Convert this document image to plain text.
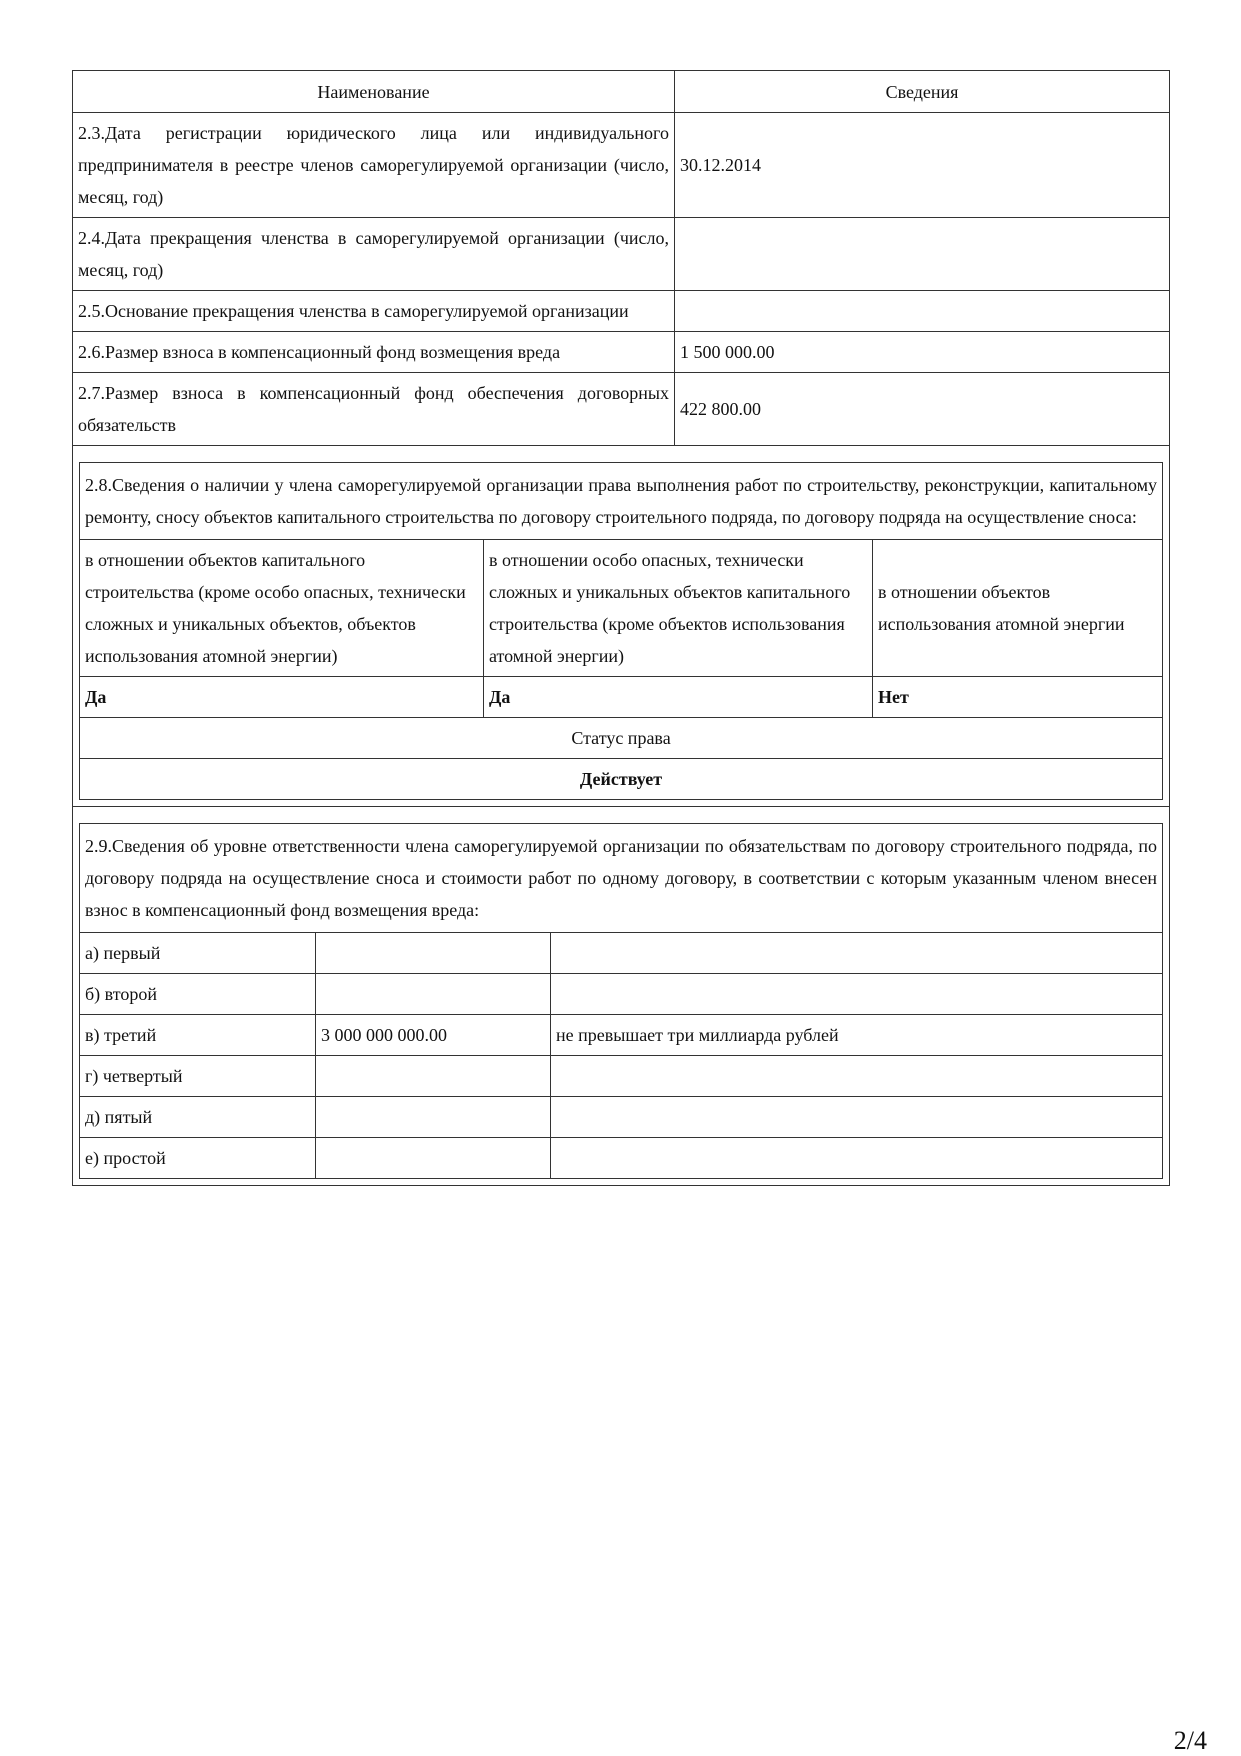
Наименование	Сведения
2.3.Дата регистрации юридического лица или индивидуального предпринимателя в реестре членов саморегулируемой организации (число, месяц, год)	30.12.2014
2.4.Дата прекращения членства в саморегулируемой организации (число, месяц, год)	
2.5.Основание прекращения членства в саморегулируемой организации	
2.6.Размер взноса в компенсационный фонд возмещения вреда	1 500 000.00
2.7.Размер взноса в компенсационный фонд обеспечения договорных обязательств	422 800.00

2.8.Сведения о наличии у члена саморегулируемой организации права выполнения работ по строительству, реконструкции, капитальному ремонту, сносу объектов капитального строительства по договору строительного подряда, по договору подряда на осуществление сноса:
в отношении объектов капитального строительства (кроме особо опасных, технически сложных и уникальных объектов, объектов использования атомной энергии)	в отношении особо опасных, технически сложных и уникальных объектов капитального строительства (кроме объектов использования атомной энергии)	в отношении объектов использования атомной энергии
Да	Да	Нет
Статус права
Действует

2.9.Сведения об уровне ответственности члена саморегулируемой организации по обязательствам по договору строительного подряда, по договору подряда на осуществление сноса и стоимости работ по одному договору, в соответствии с которым указанным членом внесен взнос в компенсационный фонд возмещения вреда:
а) первый		
б) второй		
в) третий	3 000 000 000.00	не превышает три миллиарда рублей
г) четвертый		
д) пятый		
е) простой		
2/4
